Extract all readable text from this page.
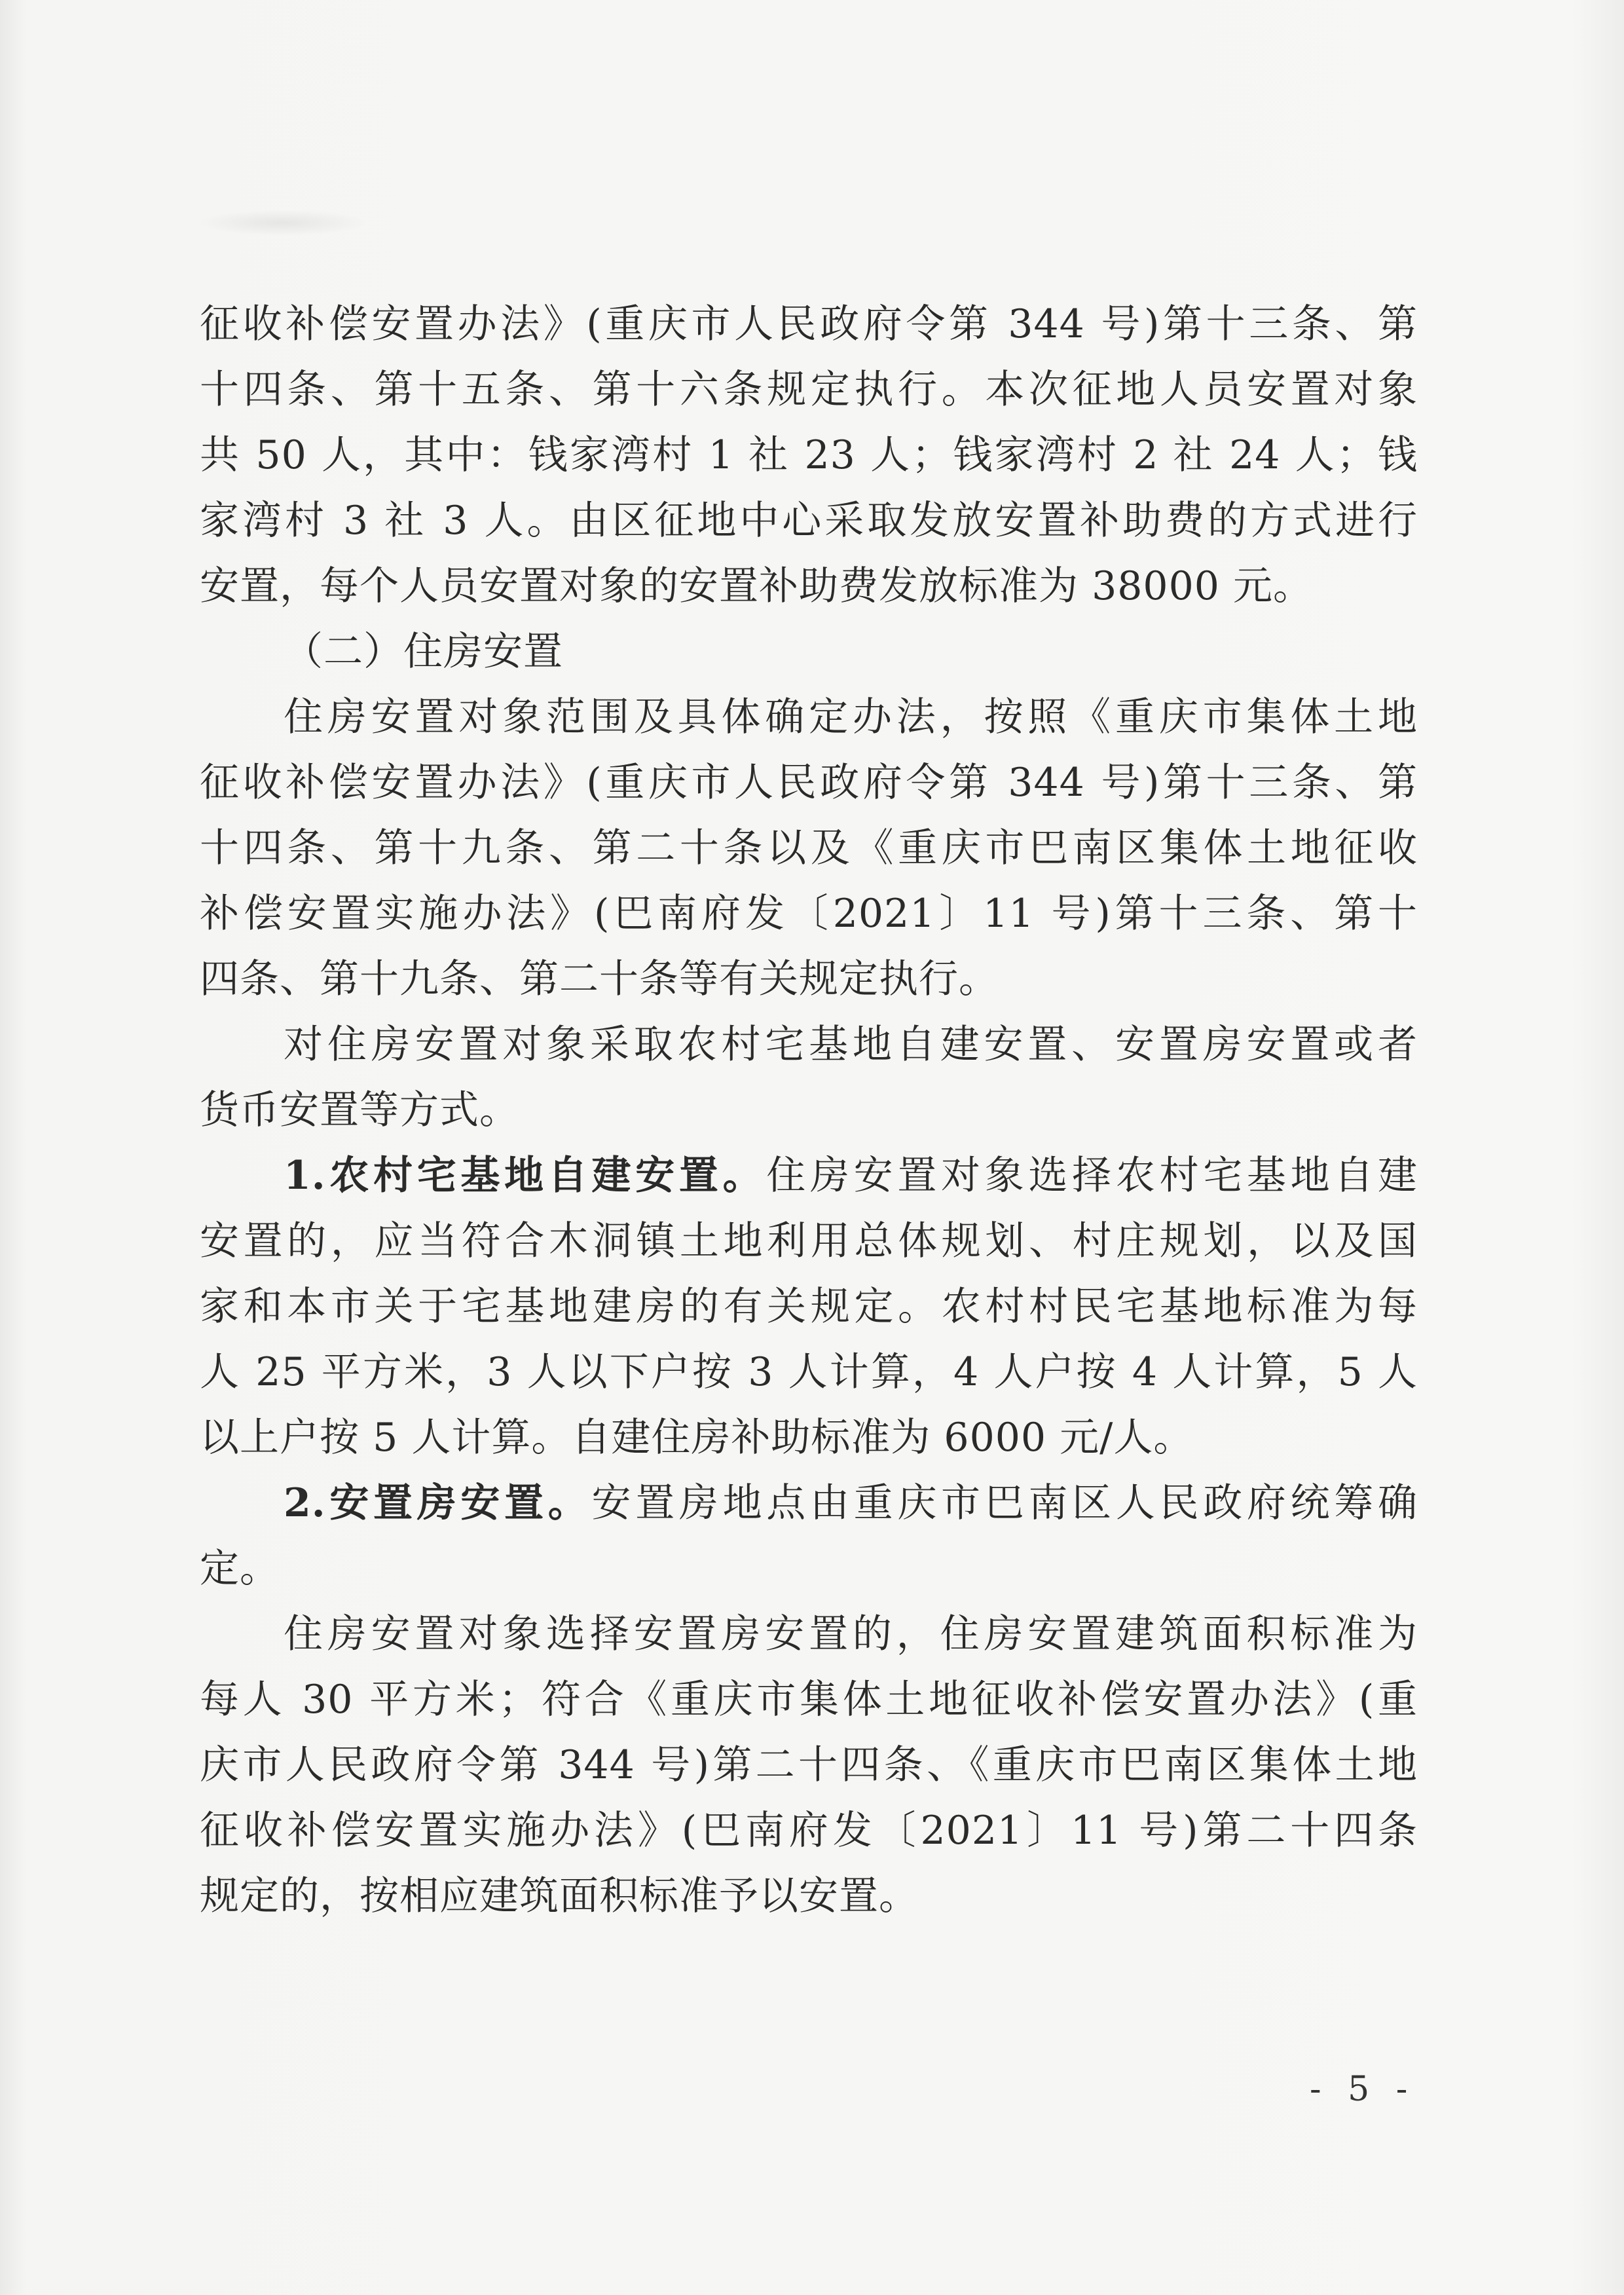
征收补偿安置办法》(重庆市人民政府令第 344 号)第十三条、第
十四条、第十五条、第十六条规定执行。本次征地人员安置对象
共 50 人，其中：钱家湾村 1 社 23 人；钱家湾村 2 社 24 人；钱
家湾村 3 社 3 人。由区征地中心采取发放安置补助费的方式进行
安置，每个人员安置对象的安置补助费发放标准为 38000 元。
（二）住房安置
住房安置对象范围及具体确定办法，按照《重庆市集体土地
征收补偿安置办法》(重庆市人民政府令第 344 号)第十三条、第
十四条、第十九条、第二十条以及《重庆市巴南区集体土地征收
补偿安置实施办法》(巴南府发〔2021〕11 号)第十三条、第十
四条、第十九条、第二十条等有关规定执行。
对住房安置对象采取农村宅基地自建安置、安置房安置或者
货币安置等方式。
1.农村宅基地自建安置。住房安置对象选择农村宅基地自建
安置的，应当符合木洞镇土地利用总体规划、村庄规划，以及国
家和本市关于宅基地建房的有关规定。农村村民宅基地标准为每
人 25 平方米，3 人以下户按 3 人计算，4 人户按 4 人计算，5 人
以上户按 5 人计算。自建住房补助标准为 6000 元/人。
2.安置房安置。安置房地点由重庆市巴南区人民政府统筹确
定。
住房安置对象选择安置房安置的，住房安置建筑面积标准为
每人 30 平方米；符合《重庆市集体土地征收补偿安置办法》(重
庆市人民政府令第 344 号)第二十四条、《重庆市巴南区集体土地
征收补偿安置实施办法》(巴南府发〔2021〕11 号)第二十四条
规定的，按相应建筑面积标准予以安置。
- 5 -
